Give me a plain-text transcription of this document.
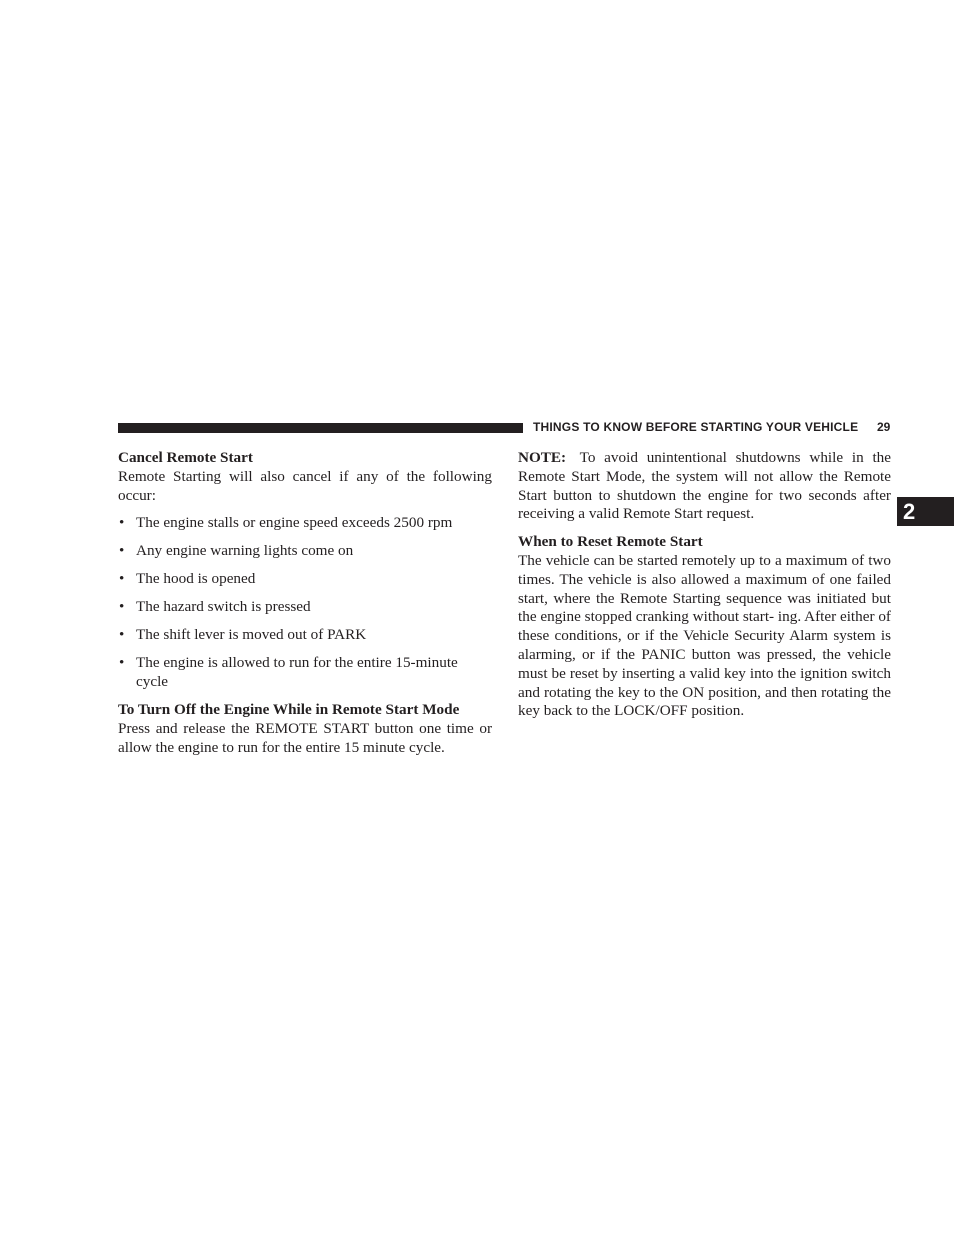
THINGS TO KNOW BEFORE STARTING YOUR VEHICLE 29
2

Cancel Remote Start

Remote Starting will also cancel if any of the following occur:

• The engine stalls or engine speed exceeds 2500 rpm
• Any engine warning lights come on
• The hood is opened
• The hazard switch is pressed
• The shift lever is moved out of PARK
• The engine is allowed to run for the entire 15-minute cycle

To Turn Off the Engine While in Remote Start Mode

Press and release the REMOTE START button one time or allow the engine to run for the entire 15 minute cycle.

NOTE: To avoid unintentional shutdowns while in the Remote Start Mode, the system will not allow the Remote Start button to shutdown the engine for two seconds after receiving a valid Remote Start request.

When to Reset Remote Start

The vehicle can be started remotely up to a maximum of two times. The vehicle is also allowed a maximum of one failed start, where the Remote Starting sequence was initiated but the engine stopped cranking without start- ing. After either of these conditions, or if the Vehicle Security Alarm system is alarming, or if the PANIC button was pressed, the vehicle must be reset by inserting a valid key into the ignition switch and rotating the key to the ON position, and then rotating the key back to the LOCK/OFF position.
